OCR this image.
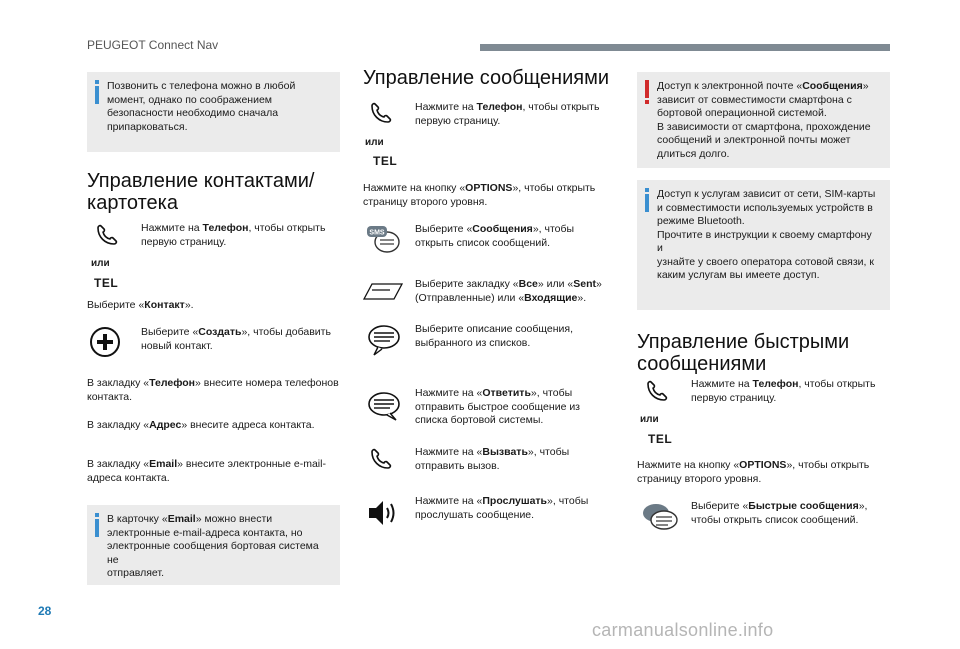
PEUGEOT Connect Nav

Позвонить с телефона можно в любой
момент, однако по соображением
безопасности необходимо сначала
припарковаться.

Управление контактами/
картотека
или
TEL
Нажмите на Телефон, чтобы открыть
первую страницу.
Выберите «Контакт».
Выберите «Создать», чтобы добавить
новый контакт.
В закладку «Телефон» внесите номера телефонов
контакта.
В закладку «Адрес» внесите адреса контакта.
В закладку «Email» внесите электронные e-mail-
адреса контакта.

В карточку «Email» можно внести
электронные e-mail-адреса контакта, но
электронные сообщения бортовая система не
отправляет.

Управление сообщениями
Нажмите на Телефон, чтобы открыть
первую страницу.
или
TEL
Нажмите на кнопку «OPTIONS», чтобы открыть
страницу второго уровня.
SMS	Выберите «Сообщения», чтобы
открыть список сообщений.
Выберите закладку «Все» или «Sent»
(Отправленные) или «Входящие».
Выберите описание сообщения,
выбранного из списков.
Нажмите на «Ответить», чтобы
отправить быстрое сообщение из
списка бортовой системы.
Нажмите на «Вызвать», чтобы
отправить вызов.
Нажмите на «Прослушать», чтобы
прослушать сообщение.

Доступ к электронной почте «Сообщения»
зависит от совместимости смартфона с
бортовой операционной системой.
В зависимости от смартфона, прохождение
сообщений и электронной почты может
длиться долго.

Доступ к услугам зависит от сети, SIM-карты
и совместимости используемых устройств в
режиме Bluetooth.
Прочтите в инструкции к своему смартфону и
узнайте у своего оператора сотовой связи, к
каким услугам вы имеете доступ.

Управление быстрыми
сообщениями
Нажмите на Телефон, чтобы открыть
первую страницу.
или
TEL
Нажмите на кнопку «OPTIONS», чтобы открыть
страницу второго уровня.
Выберите «Быстрые сообщения»,
чтобы открыть список сообщений.
28
carmanualsonline.info
